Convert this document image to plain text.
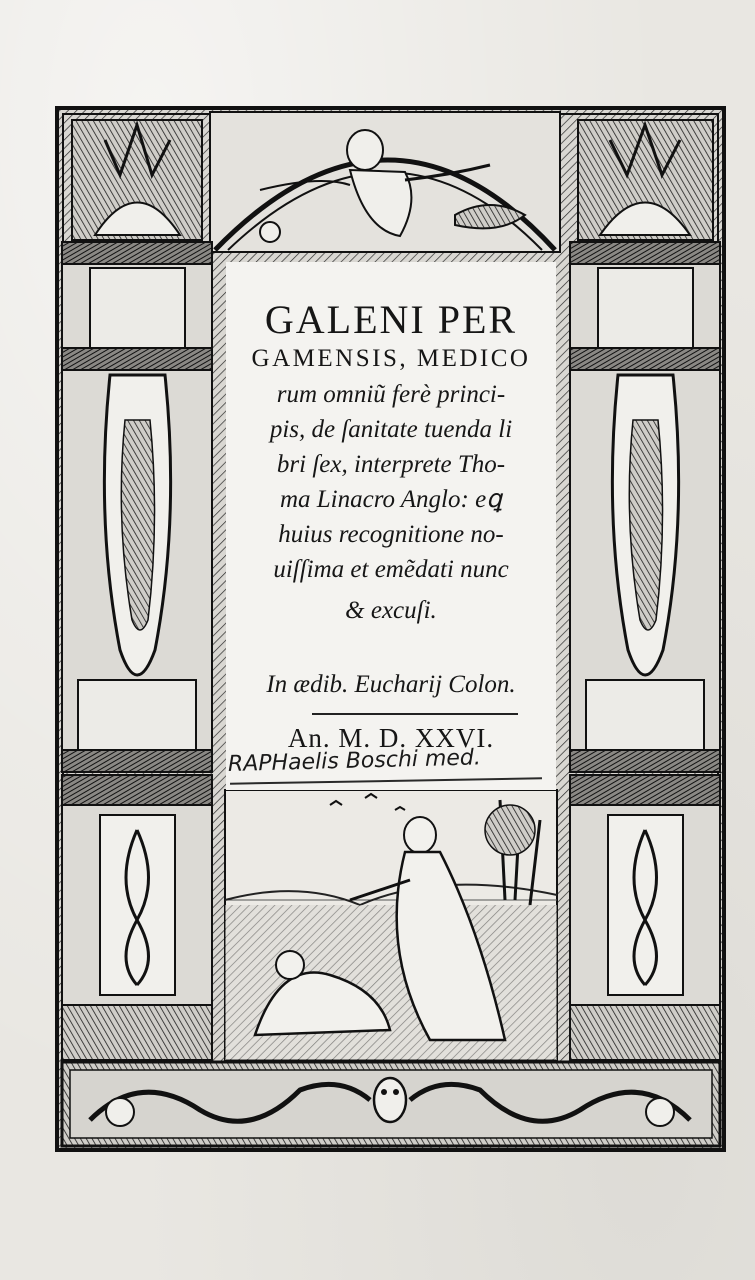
GALENI PER
GAMENSIS, MEDICO
rum omniũ ferè princi-
pis, de ſanitate tuenda li
bri ſex, interprete Tho-
ma Linacro Anglo: eꝗ
huius recognitione no-
uiſſima et emẽdati nunc
& excuſi.
In ædib. Eucharij Colon.
An. M. D. XXVI.
RAPHaelis Boschi med.
